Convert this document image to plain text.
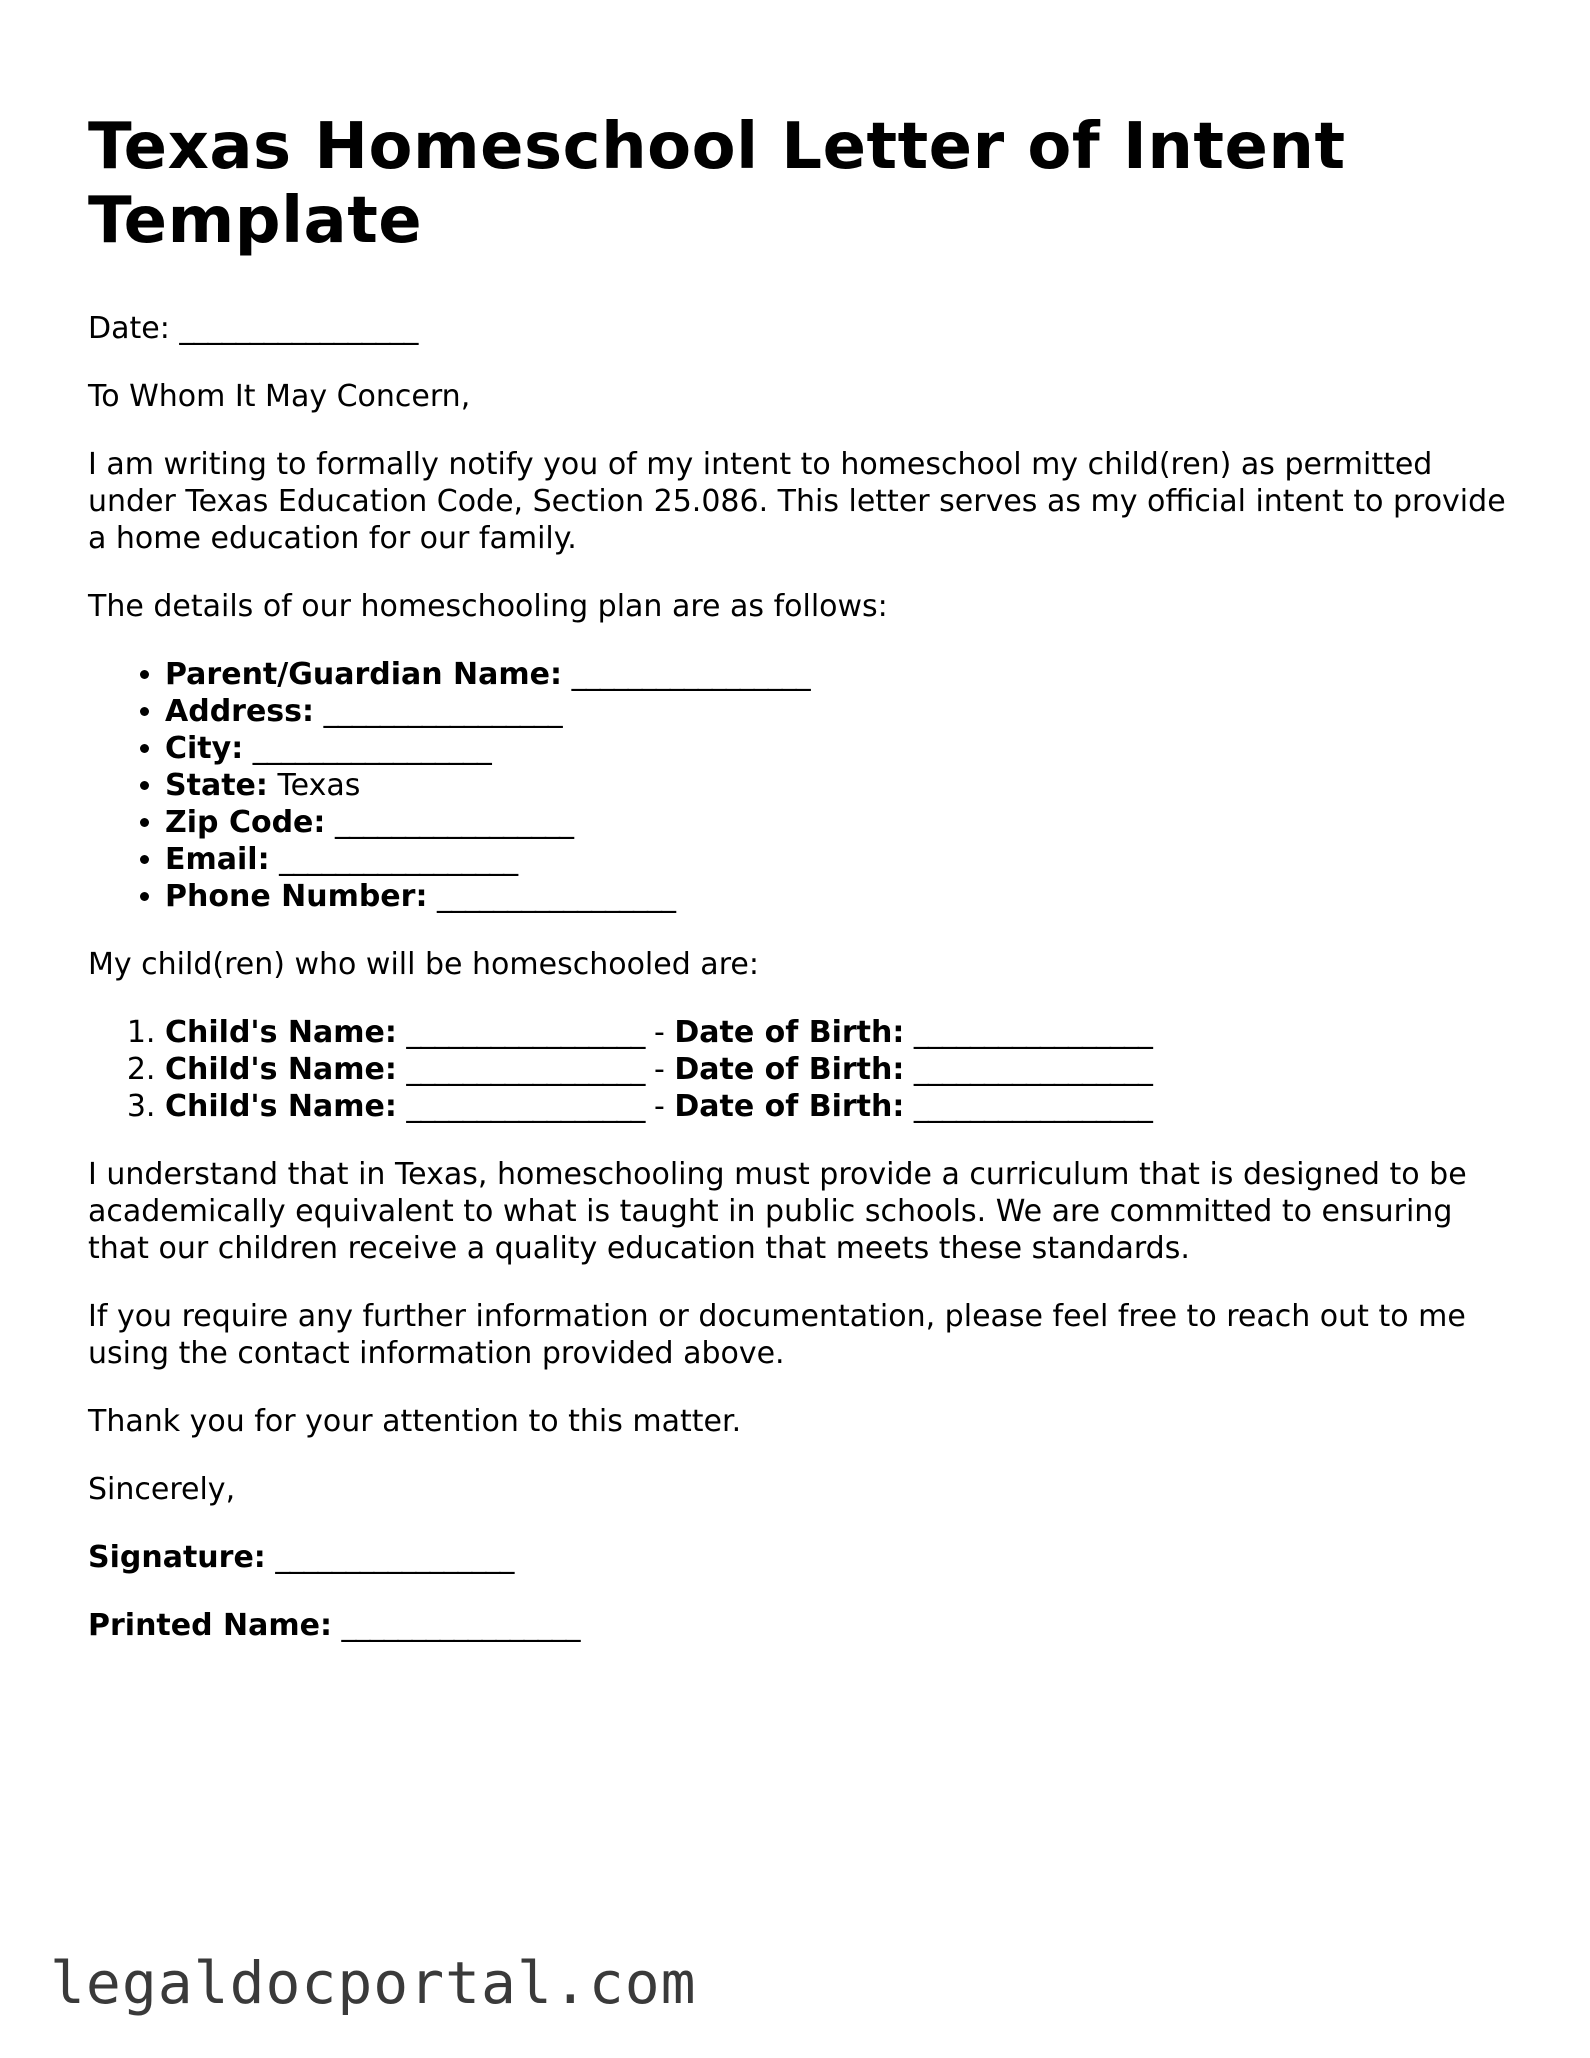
Texas Homeschool Letter of Intent Template

Date: _________________

To Whom It May Concern,

I am writing to formally notify you of my intent to homeschool my child(ren) as permitted under Texas Education Code, Section 25.086. This letter serves as my official intent to provide a home education for our family.

The details of our homeschooling plan are as follows:

• Parent/Guardian Name: _________________
• Address: _________________
• City: _________________
• State: Texas
• Zip Code: _________________
• Email: _________________
• Phone Number: _________________

My child(ren) who will be homeschooled are:

1. Child's Name: _________________ - Date of Birth: _________________
2. Child's Name: _________________ - Date of Birth: _________________
3. Child's Name: _________________ - Date of Birth: _________________

I understand that in Texas, homeschooling must provide a curriculum that is designed to be academically equivalent to what is taught in public schools. We are committed to ensuring that our children receive a quality education that meets these standards.

If you require any further information or documentation, please feel free to reach out to me using the contact information provided above.

Thank you for your attention to this matter.

Sincerely,

Signature: _________________

Printed Name: _________________

legaldocportal.com
